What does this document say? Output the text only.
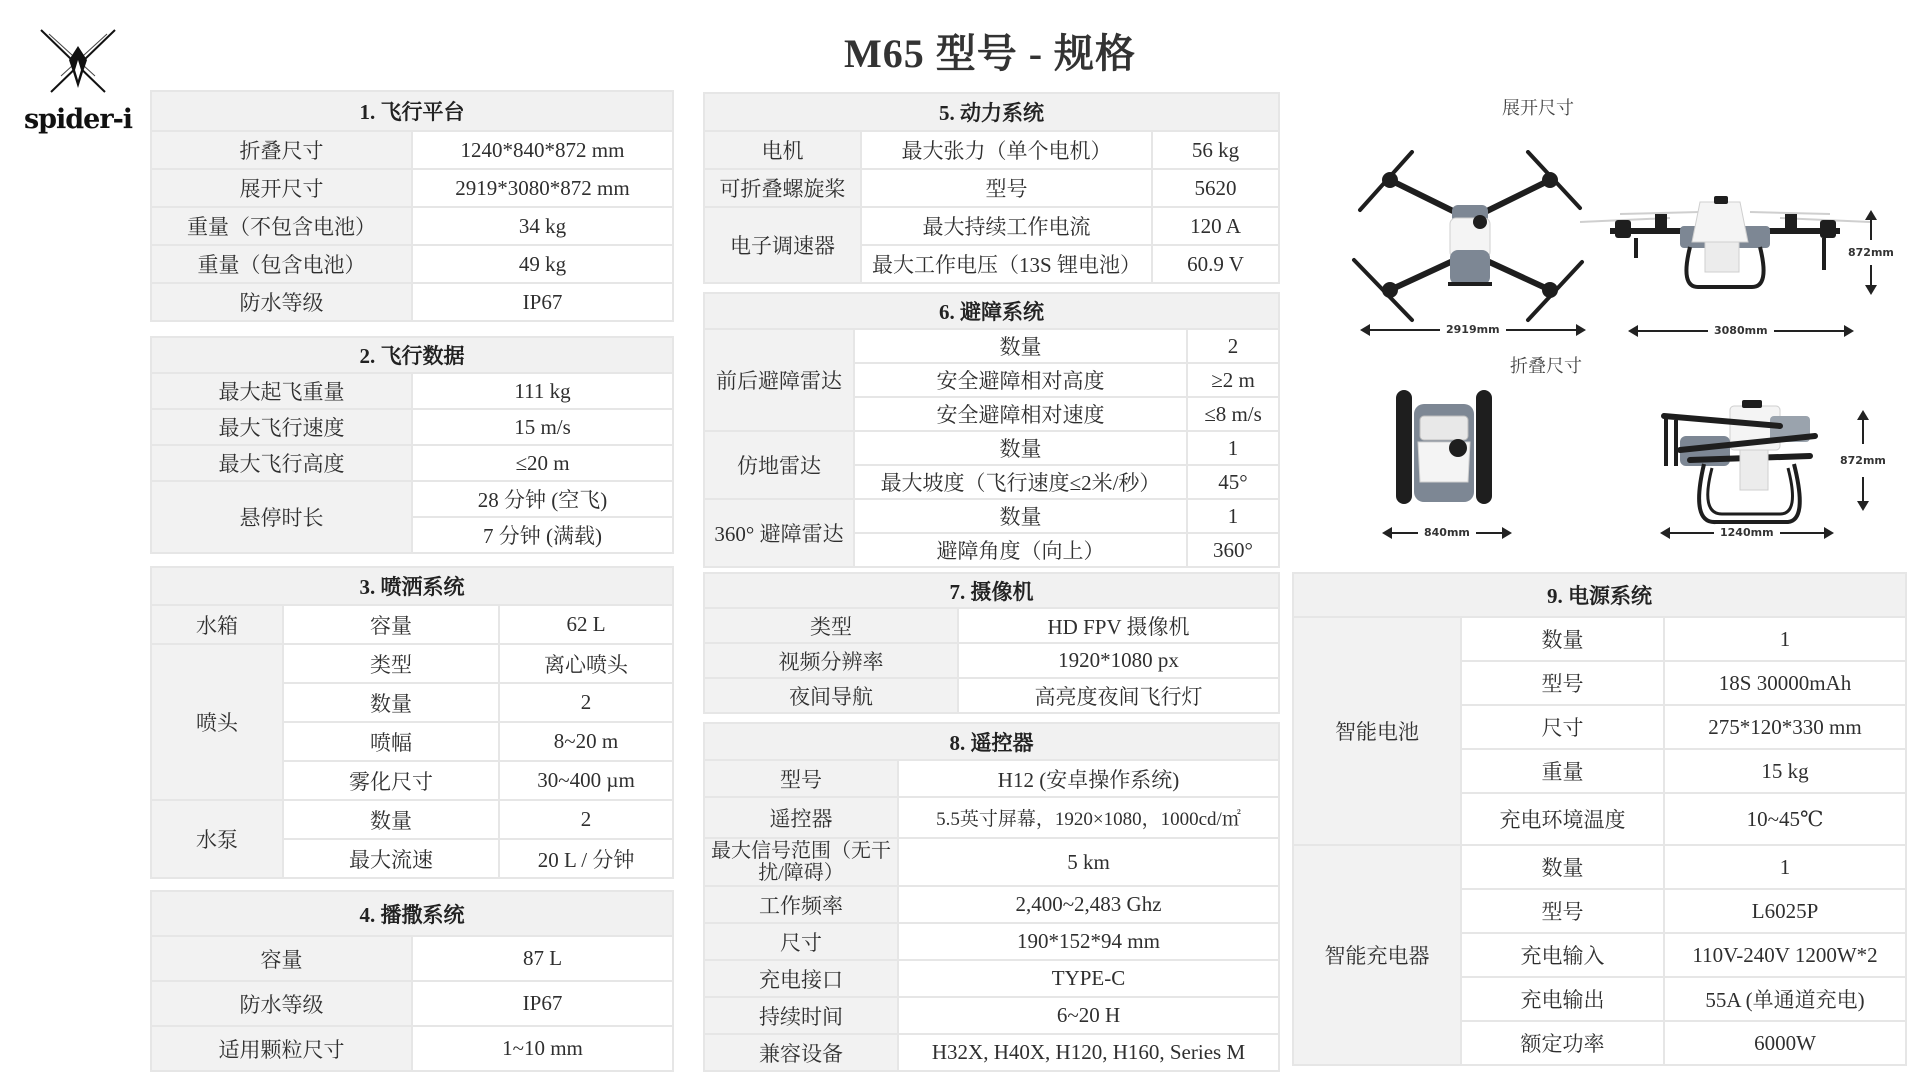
spider-i
M65 型号 - 规格
1. 飞行平台	
折叠尺寸	1240*840*872 mm
展开尺寸	2919*3080*872 mm
重量（不包含电池）	34 kg
重量（包含电池）	49 kg
防水等级	IP67
2. 飞行数据	
最大起飞重量	111 kg
最大飞行速度	15 m/s
最大飞行高度	≤20 m
悬停时长	28 分钟 (空飞)
	7 分钟 (满载)
3. 喷洒系统		
水箱	容量	62 L
喷头	类型	离心喷头
	数量	2
	喷幅	8~20 m
	雾化尺寸	30~400 µm
水泵	数量	2
	最大流速	20 L / 分钟
4. 播撒系统	
容量	87 L
防水等级	IP67
适用颗粒尺寸	1~10 mm
5. 动力系统		
电机	最大张力（单个电机）	56 kg
可折叠螺旋桨	型号	5620
电子调速器	最大持续工作电流	120 A
	最大工作电压（13S 锂电池）	60.9 V
6. 避障系统		
前后避障雷达	数量	2
	安全避障相对高度	≥2 m
	安全避障相对速度	≤8 m/s
仿地雷达	数量	1
	最大坡度（飞行速度≤2米/秒）	45°
360° 避障雷达	数量	1
	避障角度（向上）	360°
7. 摄像机	
类型	HD FPV 摄像机
视频分辨率	1920*1080 px
夜间导航	高亮度夜间飞行灯
8. 遥控器	
型号	H12 (安卓操作系统)
遥控器	5.5英寸屏幕，1920×1080，1000cd/㎡
最大信号范围（无干扰/障碍）	5 km
工作频率	2,400~2,483 Ghz
尺寸	190*152*94 mm
充电接口	TYPE-C
持续时间	6~20 H
兼容设备	H32X, H40X, H120, H160, Series M
9. 电源系统		
智能电池	数量	1
	型号	18S 30000mAh
	尺寸	275*120*330 mm
	重量	15 kg
	充电环境温度	10~45℃
智能充电器	数量	1
	型号	L6025P
	充电输入	110V-240V 1200W*2
	充电输出	55A (单通道充电)
	额定功率	6000W
展开尺寸
折叠尺寸
2919mm	3080mm
872mm
840mm	1240mm
872mm
